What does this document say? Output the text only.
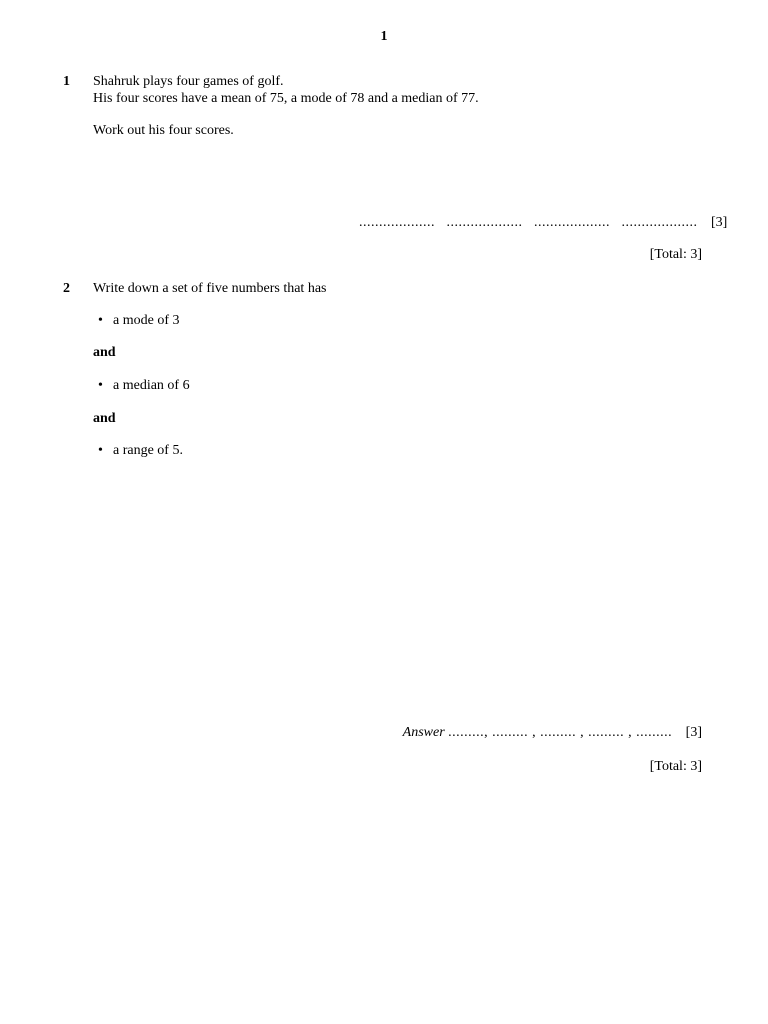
1
1 Shahruk plays four games of golf.
His four scores have a mean of 75, a mode of 78 and a median of 77.
Work out his four scores.
................... ................... ................... ................... [3]
[Total: 3]
2 Write down a set of five numbers that has
• a mode of 3
and
• a median of 6
and
• a range of 5.
Answer ........., ......... , ......... , ......... , ......... [3]
[Total: 3]
